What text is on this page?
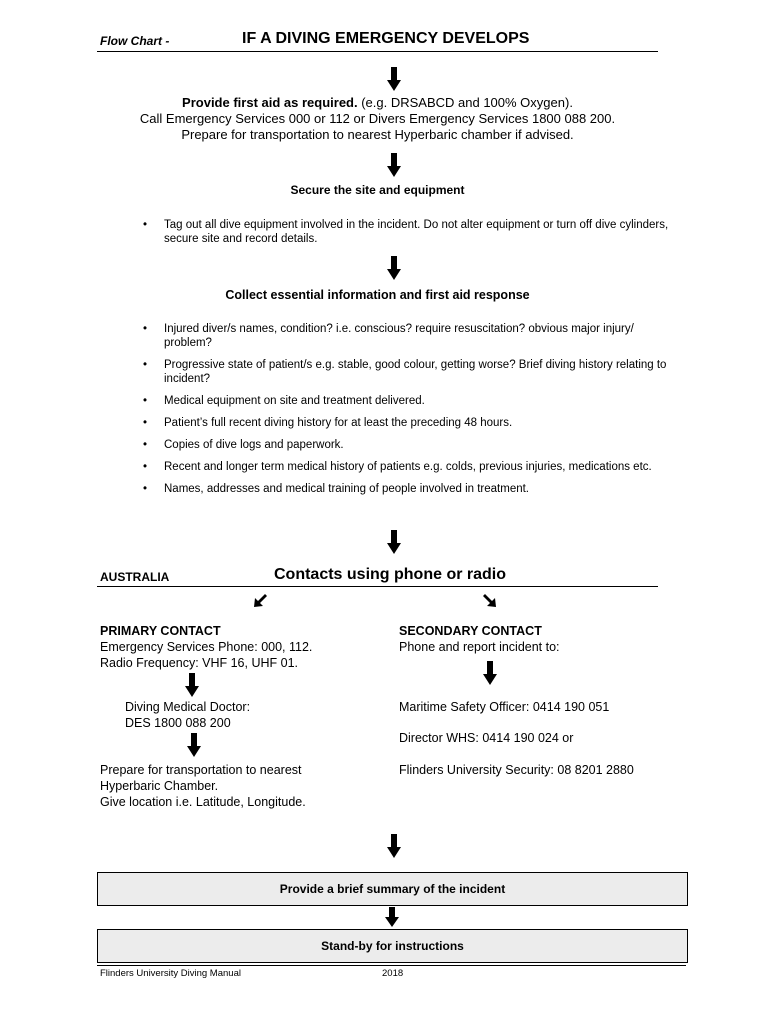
Flow Chart -	IF A DIVING EMERGENCY DEVELOPS
Provide first aid as required. (e.g. DRSABCD and 100% Oxygen).
Call Emergency Services 000 or 112 or Divers Emergency Services 1800 088 200.
Prepare for transportation to nearest Hyperbaric chamber if advised.
Secure the site and equipment
• Tag out all dive equipment involved in the incident. Do not alter equipment or turn off dive cylinders, secure site and record details.
Collect essential information and first aid response
• Injured diver/s names, condition? i.e. conscious? require resuscitation? obvious major injury/ problem?
• Progressive state of patient/s e.g. stable, good colour, getting worse? Brief diving history relating to incident?
• Medical equipment on site and treatment delivered.
• Patient’s full recent diving history for at least the preceding 48 hours.
• Copies of dive logs and paperwork.
• Recent and longer term medical history of patients e.g. colds, previous injuries, medications etc.
• Names, addresses and medical training of people involved in treatment.
AUSTRALIA	Contacts using phone or radio
PRIMARY CONTACT
Emergency Services Phone: 000, 112.
Radio Frequency: VHF 16, UHF 01.
Diving Medical Doctor:
DES 1800 088 200
Prepare for transportation to nearest
Hyperbaric Chamber.
Give location i.e. Latitude, Longitude.
SECONDARY CONTACT
Phone and report incident to:
Maritime Safety Officer: 0414 190 051
Director WHS: 0414 190 024 or
Flinders University Security: 08 8201 2880
Provide a brief summary of the incident
Stand-by for instructions
Flinders University Diving Manual	2018
